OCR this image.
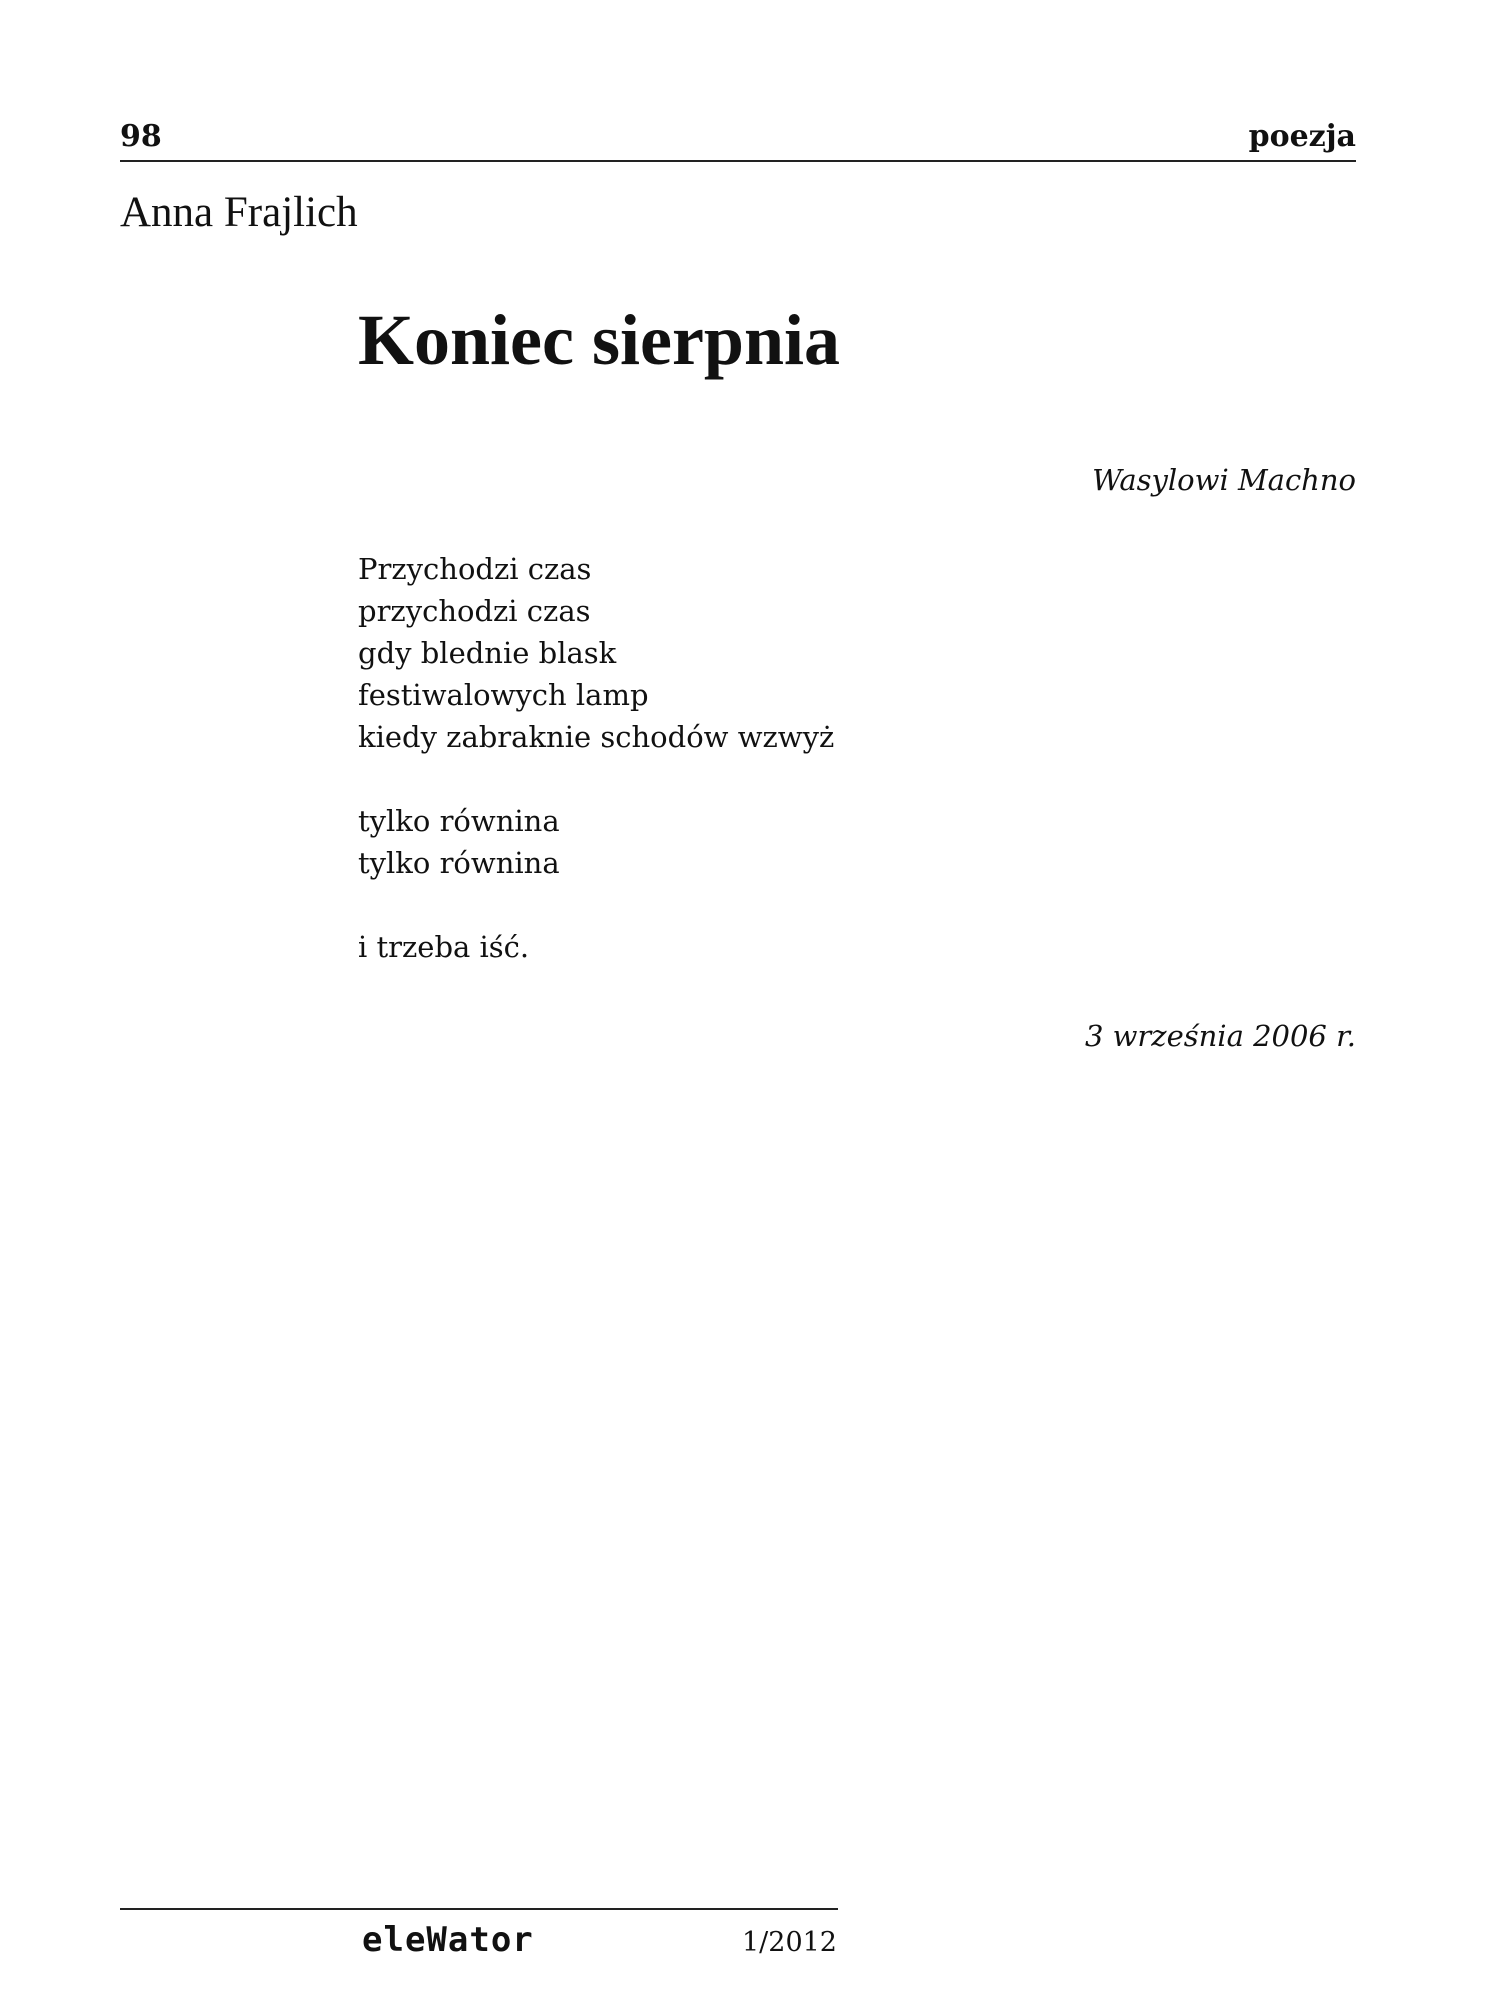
98	poezja
Anna Frajlich
Koniec sierpnia
Wasylowi Machno
Przychodzi czas
przychodzi czas
gdy blednie blask
festiwalowych lamp
kiedy zabraknie schodów wzwyż
tylko równina
tylko równina
i trzeba iść.
3 września 2006 r.
eleWator	1/2012
